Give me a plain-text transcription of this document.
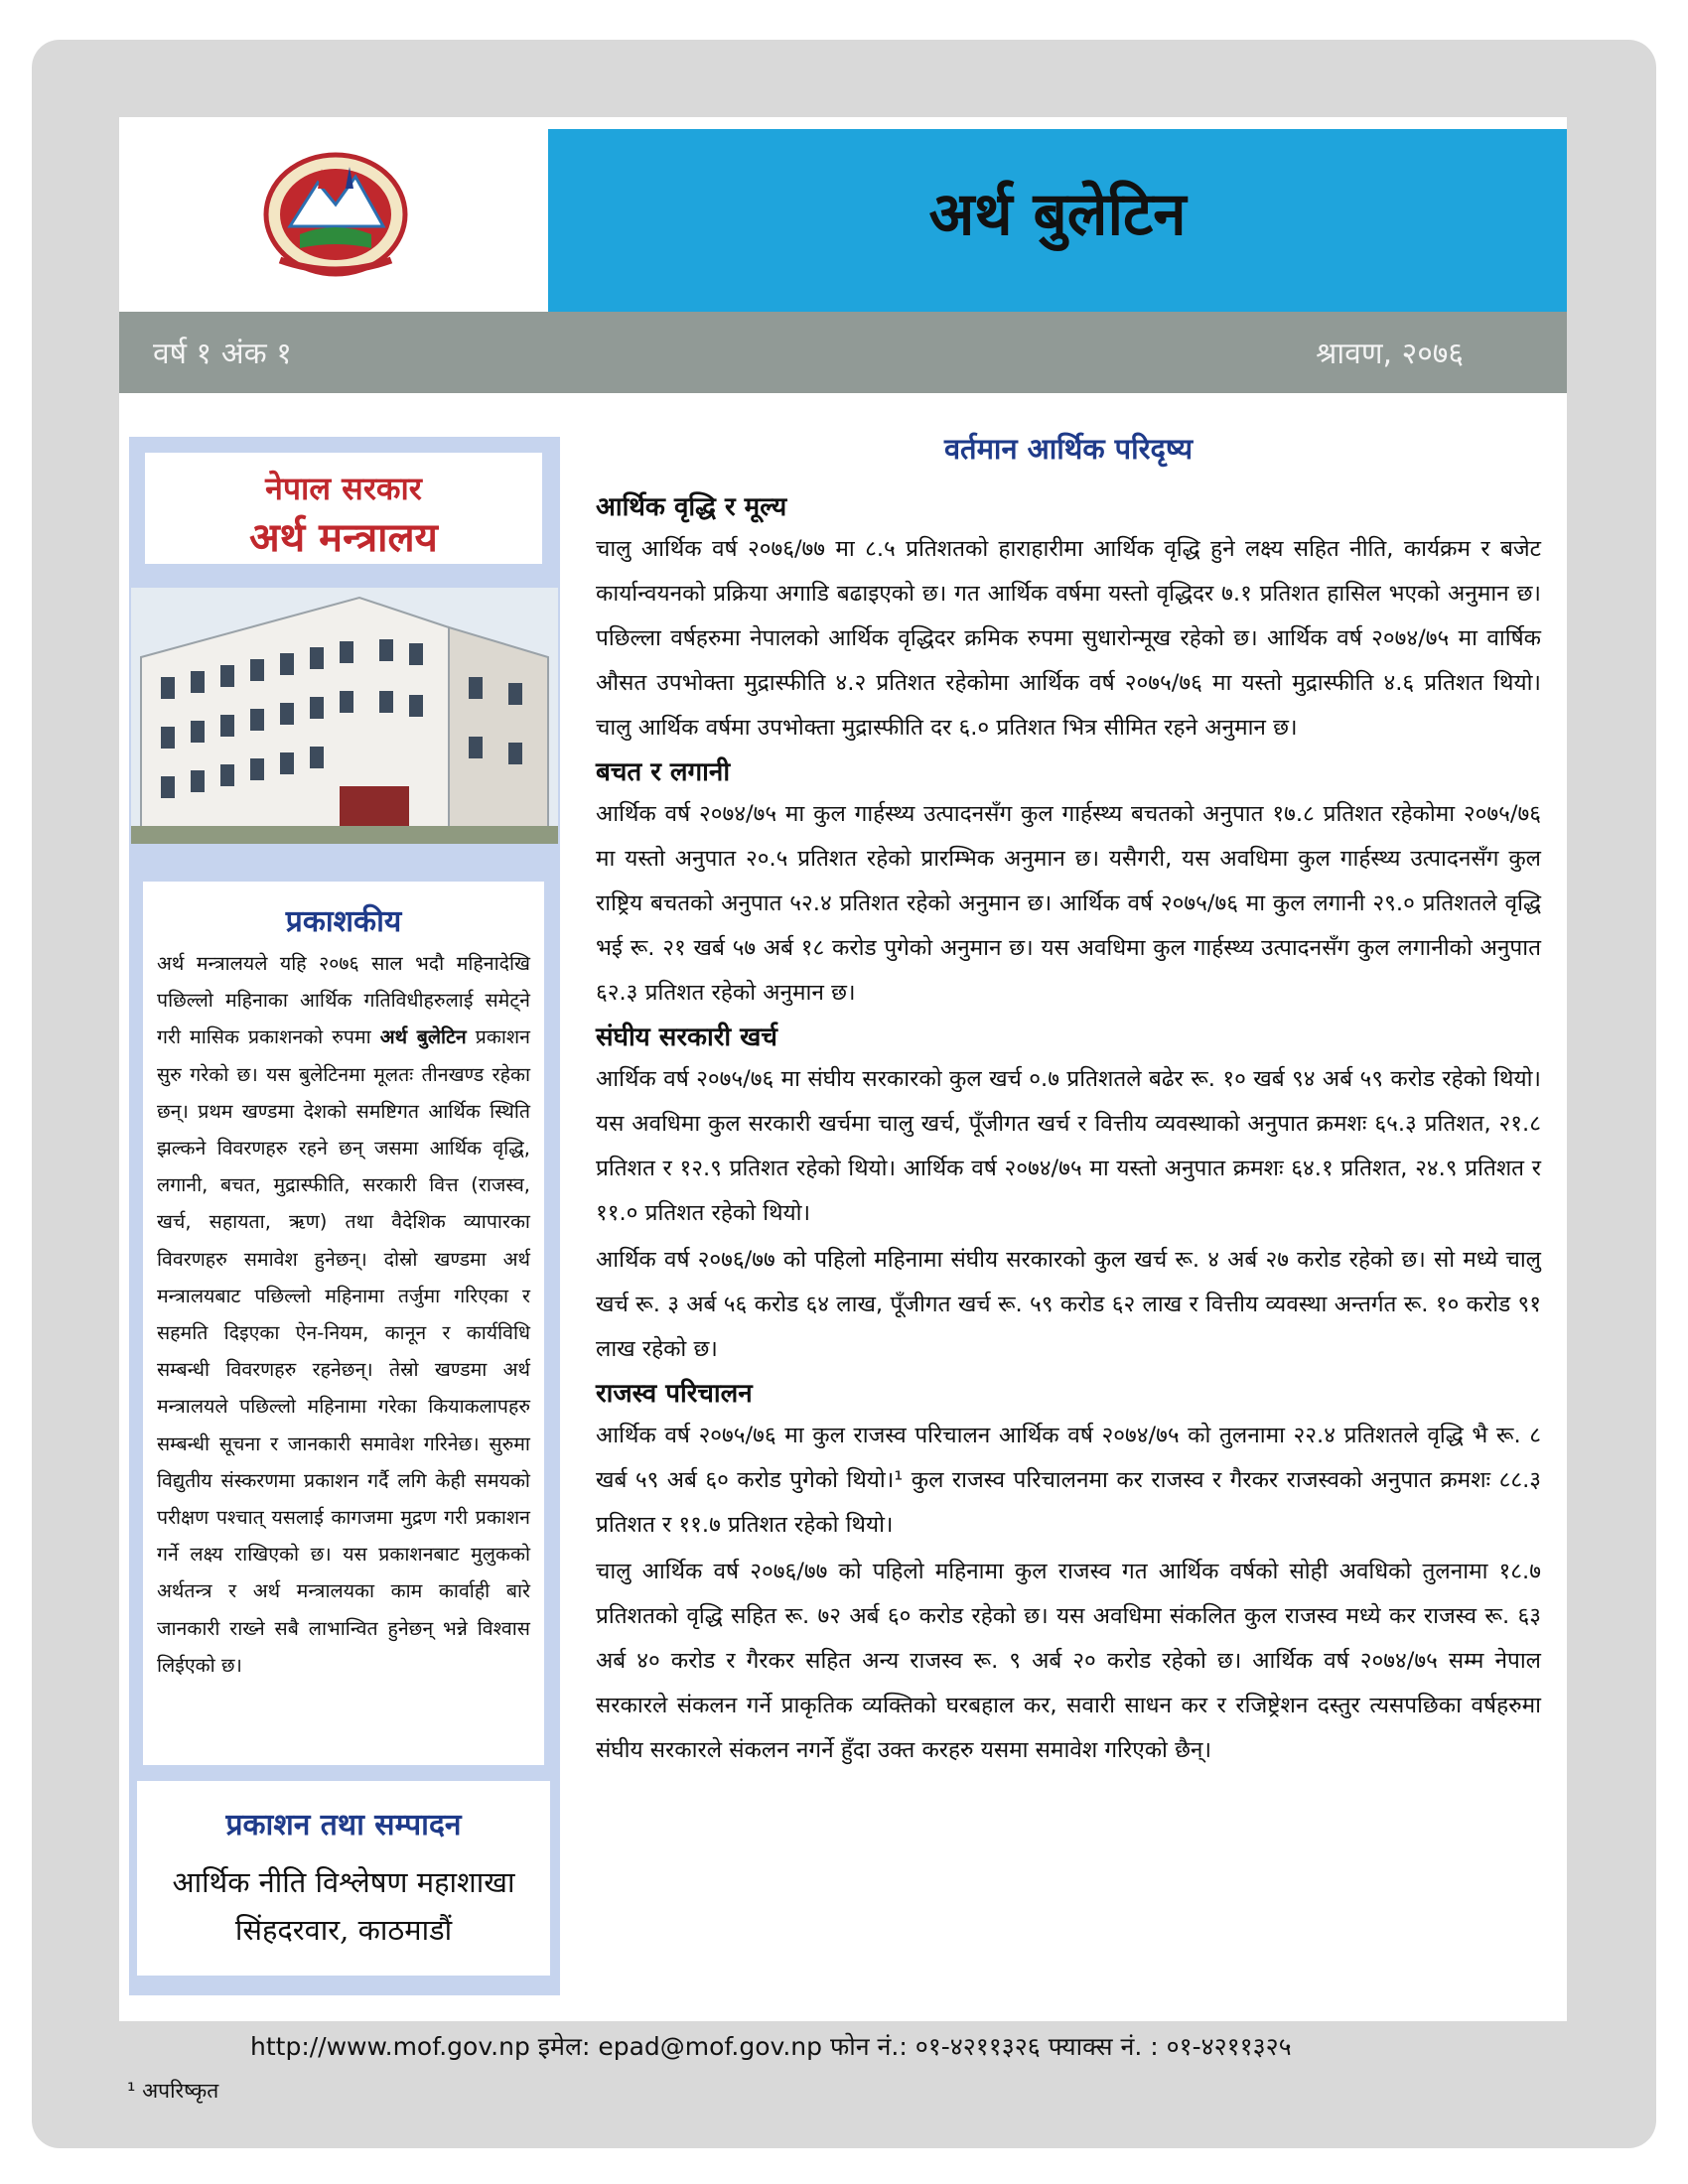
अर्थ बुलेटिन
वर्ष १ अंक १	श्रावण, २०७६
नेपाल सरकार
अर्थ मन्त्रालय
प्रकाशकीय

अर्थ मन्त्रालयले यहि २०७६ साल भदौ महिनादेखि पछिल्लो महिनाका आर्थिक गतिविधीहरुलाई समेट्ने गरी मासिक प्रकाशनको रुपमा अर्थ बुलेटिन प्रकाशन सुरु गरेको छ। यस बुलेटिनमा मूलतः तीनखण्ड रहेका छन्। प्रथम खण्डमा देशको समष्टिगत आर्थिक स्थिति झल्कने विवरणहरु रहने छन् जसमा आर्थिक वृद्धि, लगानी, बचत, मुद्रास्फीति, सरकारी वित्त (राजस्व, खर्च, सहायता, ऋण) तथा वैदेशिक व्यापारका विवरणहरु समावेश हुनेछन्। दोस्रो खण्डमा अर्थ मन्त्रालयबाट पछिल्लो महिनामा तर्जुमा गरिएका र सहमति दिइएका ऐन-नियम, कानून र कार्यविधि सम्बन्धी विवरणहरु रहनेछन्। तेस्रो खण्डमा अर्थ मन्त्रालयले पछिल्लो महिनामा गरेका कियाकलापहरु सम्बन्धी सूचना र जानकारी समावेश गरिनेछ। सुरुमा विद्युतीय संस्करणमा प्रकाशन गर्दै लगि केही समयको परीक्षण पश्चात् यसलाई कागजमा मुद्रण गरी प्रकाशन गर्ने लक्ष्य राखिएको छ। यस प्रकाशनबाट मुलुकको अर्थतन्त्र र अर्थ मन्त्रालयका काम कार्वाही बारे जानकारी राख्ने सबै लाभान्वित हुनेछन् भन्ने विश्वास लिईएको छ।

प्रकाशन तथा सम्पादन
आर्थिक नीति विश्लेषण महाशाखा
सिंहदरवार, काठमाडौं
वर्तमान आर्थिक परिदृष्य
आर्थिक वृद्धि र मूल्य

चालु आर्थिक वर्ष २०७६/७७ मा ८.५ प्रतिशतको हाराहारीमा आर्थिक वृद्धि हुने लक्ष्य सहित नीति, कार्यक्रम र बजेट कार्यान्वयनको प्रक्रिया अगाडि बढाइएको छ। गत आर्थिक वर्षमा यस्तो वृद्धिदर ७.१ प्रतिशत हासिल भएको अनुमान छ। पछिल्ला वर्षहरुमा नेपालको आर्थिक वृद्धिदर क्रमिक रुपमा सुधारोन्मूख रहेको छ। आर्थिक वर्ष २०७४/७५ मा वार्षिक औसत उपभोक्ता मुद्रास्फीति ४.२ प्रतिशत रहेकोमा आर्थिक वर्ष २०७५/७६ मा यस्तो मुद्रास्फीति ४.६ प्रतिशत थियो। चालु आर्थिक वर्षमा उपभोक्ता मुद्रास्फीति दर ६.० प्रतिशत भित्र सीमित रहने अनुमान छ।

बचत र लगानी

आर्थिक वर्ष २०७४/७५ मा कुल गार्हस्थ्य उत्पादनसँग कुल गार्हस्थ्य बचतको अनुपात १७.८ प्रतिशत रहेकोमा २०७५/७६ मा यस्तो अनुपात २०.५ प्रतिशत रहेको प्रारम्भिक अनुमान छ। यसैगरी, यस अवधिमा कुल गार्हस्थ्य उत्पादनसँग कुल राष्ट्रिय बचतको अनुपात ५२.४ प्रतिशत रहेको अनुमान छ। आर्थिक वर्ष २०७५/७६ मा कुल लगानी २९.० प्रतिशतले वृद्धि भई रू. २१ खर्ब ५७ अर्ब १८ करोड पुगेको अनुमान छ। यस अवधिमा कुल गार्हस्थ्य उत्पादनसँग कुल लगानीको अनुपात ६२.३ प्रतिशत रहेको अनुमान छ।

संघीय सरकारी खर्च

आर्थिक वर्ष २०७५/७६ मा संघीय सरकारको कुल खर्च ०.७ प्रतिशतले बढेर रू. १० खर्ब ९४ अर्ब ५९ करोड रहेको थियो। यस अवधिमा कुल सरकारी खर्चमा चालु खर्च, पूँजीगत खर्च र वित्तीय व्यवस्थाको अनुपात क्रमशः ६५.३ प्रतिशत, २१.८ प्रतिशत र १२.९ प्रतिशत रहेको थियो। आर्थिक वर्ष २०७४/७५ मा यस्तो अनुपात क्रमशः ६४.१ प्रतिशत, २४.९ प्रतिशत र ११.० प्रतिशत रहेको थियो।

आर्थिक वर्ष २०७६/७७ को पहिलो महिनामा संघीय सरकारको कुल खर्च रू. ४ अर्ब २७ करोड रहेको छ। सो मध्ये चालु खर्च रू. ३ अर्ब ५६ करोड ६४ लाख, पूँजीगत खर्च रू. ५९ करोड ६२ लाख र वित्तीय व्यवस्था अन्तर्गत रू. १० करोड ९१ लाख रहेको छ।

राजस्व परिचालन

आर्थिक वर्ष २०७५/७६ मा कुल राजस्व परिचालन आर्थिक वर्ष २०७४/७५ को तुलनामा २२.४ प्रतिशतले वृद्धि भै रू. ८ खर्ब ५९ अर्ब ६० करोड पुगेको थियो।¹ कुल राजस्व परिचालनमा कर राजस्व र गैरकर राजस्वको अनुपात क्रमशः ८८.३ प्रतिशत र ११.७ प्रतिशत रहेको थियो।

चालु आर्थिक वर्ष २०७६/७७ को पहिलो महिनामा कुल राजस्व गत आर्थिक वर्षको सोही अवधिको तुलनामा १८.७ प्रतिशतको वृद्धि सहित रू. ७२ अर्ब ६० करोड रहेको छ। यस अवधिमा संकलित कुल राजस्व मध्ये कर राजस्व रू. ६३ अर्ब ४० करोड र गैरकर सहित अन्य राजस्व रू. ९ अर्ब २० करोड रहेको छ। आर्थिक वर्ष २०७४/७५ सम्म नेपाल सरकारले संकलन गर्ने प्राकृतिक व्यक्तिको घरबहाल कर, सवारी साधन कर र रजिष्ट्रेशन दस्तुर त्यसपछिका वर्षहरुमा संघीय सरकारले संकलन नगर्ने हुँदा उक्त करहरु यसमा समावेश गरिएको छैन्।

http://www.mof.gov.np इमेल: epad@mof.gov.np फोन नं.: ०१-४२११३२६ फ्याक्स नं. : ०१-४२११३२५
¹ अपरिष्कृत
